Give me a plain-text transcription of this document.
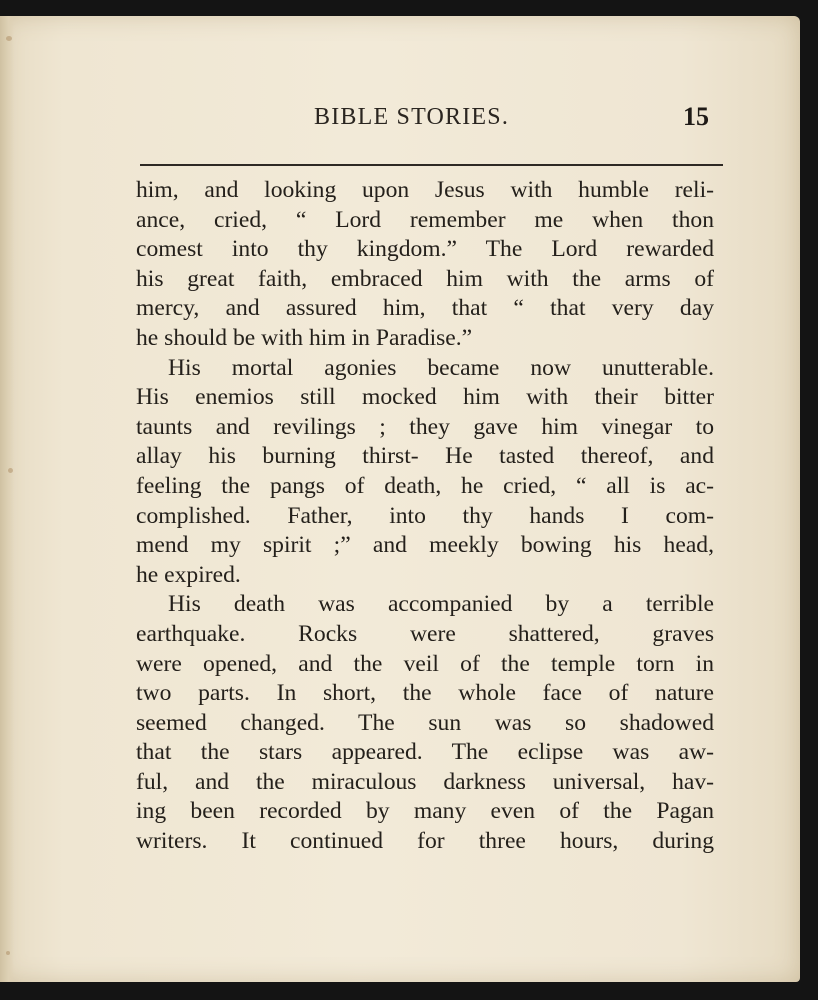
BIBLE STORIES.	15
him, and looking upon Jesus with humble reli-
ance, cried, “ Lord remember me when thon
comest into thy kingdom.” The Lord rewarded
his great faith, embraced him with the arms of
mercy, and assured him, that “ that very day
he should be with him in Paradise.”
His mortal agonies became now unutterable.
His enemios still mocked him with their bitter
taunts and revilings ; they gave him vinegar to
allay his burning thirst- He tasted thereof, and
feeling the pangs of death, he cried, “ all is ac-
complished. Father, into thy hands I com-
mend my spirit ;” and meekly bowing his head,
he expired.
His death was accompanied by a terrible
earthquake. Rocks were shattered, graves
were opened, and the veil of the temple torn in
two parts. In short, the whole face of nature
seemed changed. The sun was so shadowed
that the stars appeared. The eclipse was aw-
ful, and the miraculous darkness universal, hav-
ing been recorded by many even of the Pagan
writers. It continued for three hours, during
